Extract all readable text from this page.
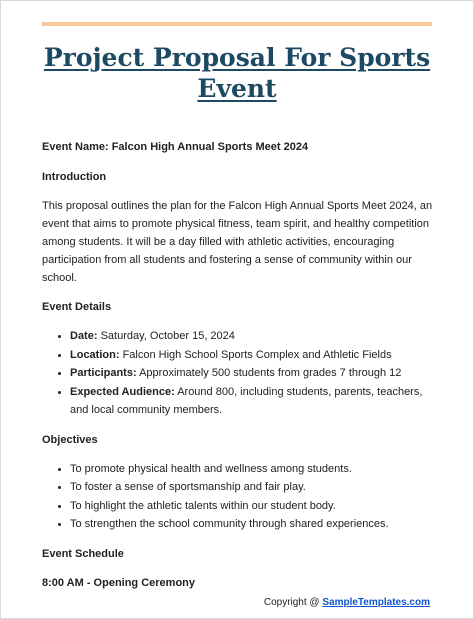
Project Proposal For Sports Event

Event Name: Falcon High Annual Sports Meet 2024

Introduction

This proposal outlines the plan for the Falcon High Annual Sports Meet 2024, an event that aims to promote physical fitness, team spirit, and healthy competition among students. It will be a day filled with athletic activities, encouraging participation from all students and fostering a sense of community within our school.

Event Details

• Date: Saturday, October 15, 2024
• Location: Falcon High School Sports Complex and Athletic Fields
• Participants: Approximately 500 students from grades 7 through 12
• Expected Audience: Around 800, including students, parents, teachers, and local community members.

Objectives

• To promote physical health and wellness among students.
• To foster a sense of sportsmanship and fair play.
• To highlight the athletic talents within our student body.
• To strengthen the school community through shared experiences.

Event Schedule

8:00 AM - Opening Ceremony

Copyright @ SampleTemplates.com
